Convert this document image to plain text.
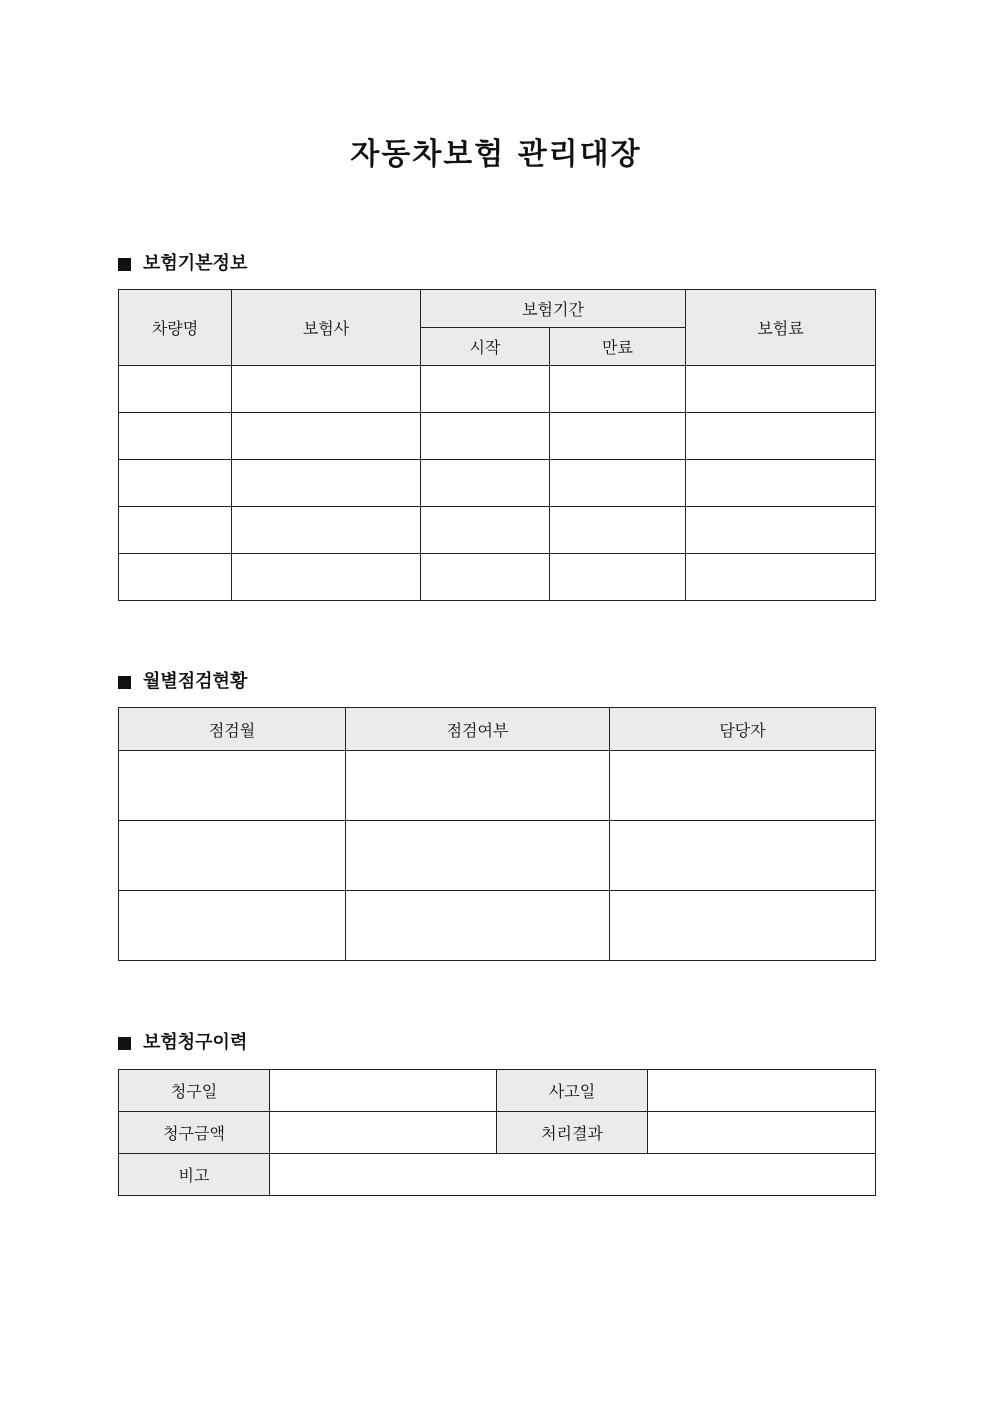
자동차보험 관리대장
보험기본정보
차량명	보험사	보험기간		보험료
		시작	만료	

월별점검현황
점검월	점검여부	담당자

보험청구이력
청구일		사고일	
청구금액		처리결과	
비고			
